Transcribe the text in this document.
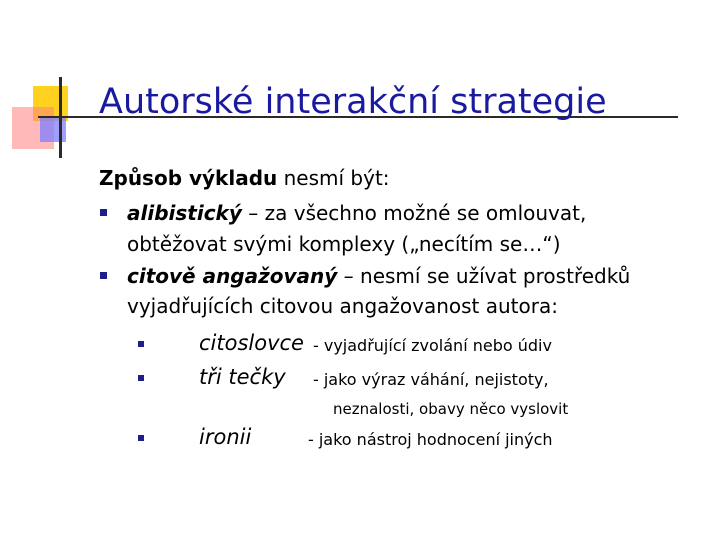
Autorské interakční strategie
Způsob výkladu nesmí být:
alibistický – za všechno možné se omlouvat,
obtěžovat svými komplexy („necítím se…“)
citově angažovaný – nesmí se užívat prostředků
vyjadřujících citovou angažovanost autora:
citoslovce - vyjadřující zvolání nebo údiv
tři tečky - jako výraz váhání, nejistoty,
neznalosti, obavy něco vyslovit
ironii	- jako nástroj hodnocení jiných
